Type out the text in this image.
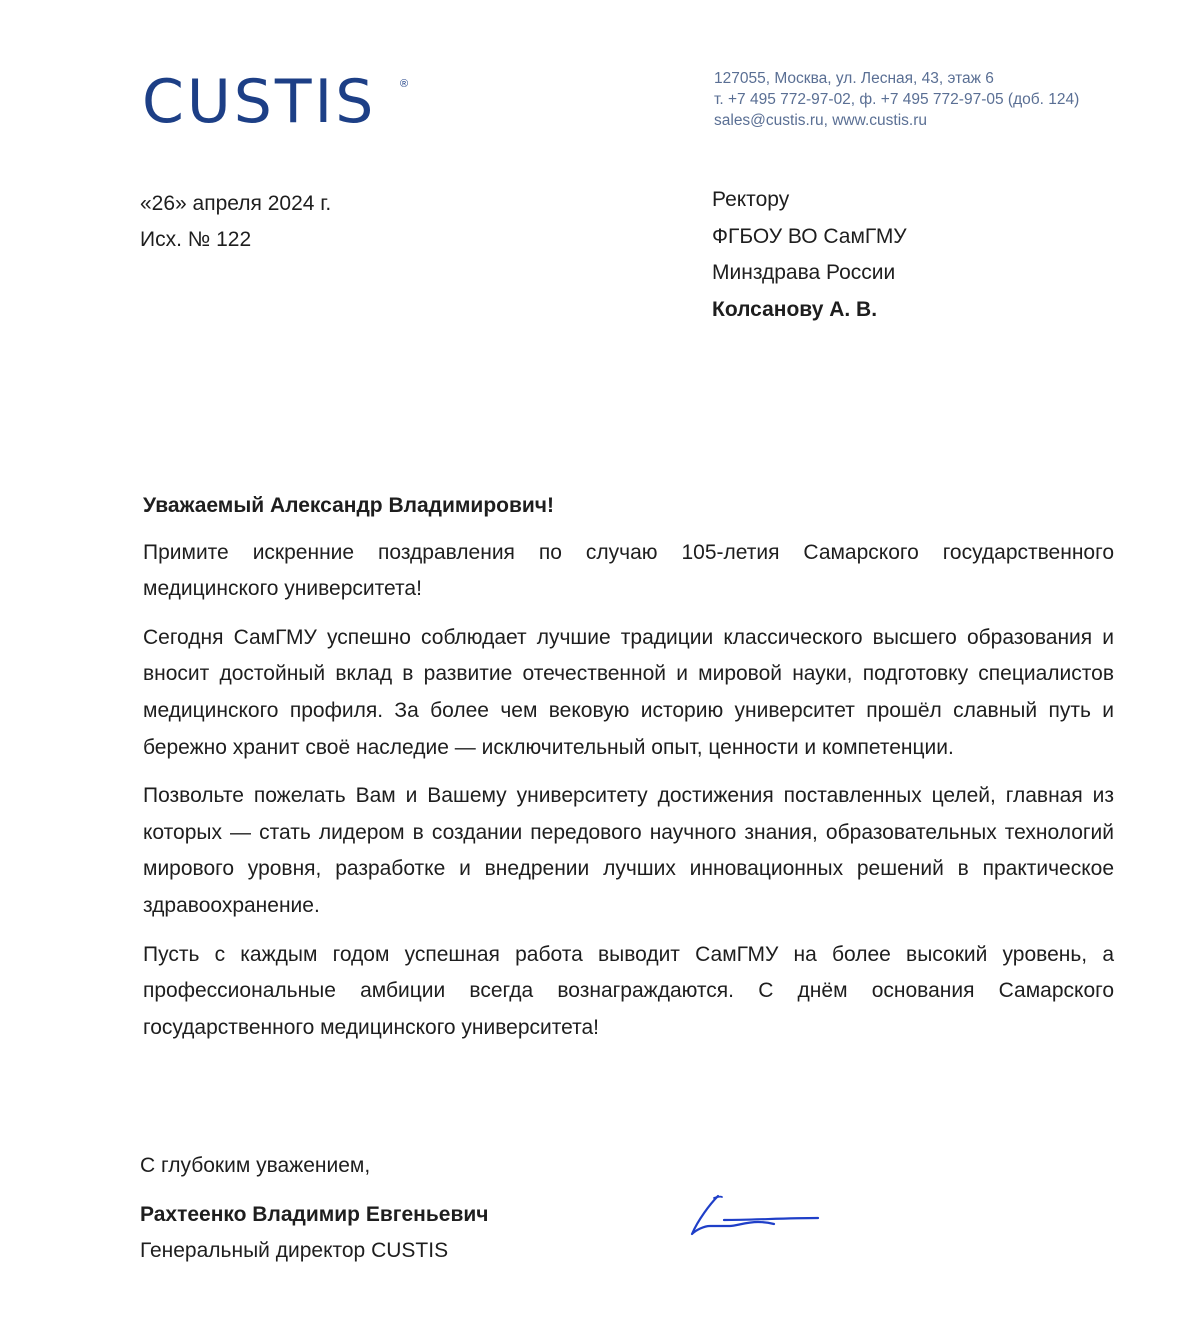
CUSTIS	®	127055, Москва, ул. Лесная, 43, этаж 6
т. +7 495 772-97-02, ф. +7 495 772-97-05 (доб. 124)
sales@custis.ru, www.custis.ru
«26» апреля 2024 г.
Исх. № 122
Ректору
ФГБОУ ВО СамГМУ
Минздрава России
Колсанову А. В.
Уважаемый Александр Владимирович!
Примите искренние поздравления по случаю 105-летия Самарского государственного медицинского университета!
Сегодня СамГМУ успешно соблюдает лучшие традиции классического высшего образования и вносит достойный вклад в развитие отечественной и мировой науки, подготовку специалистов медицинского профиля. За более чем вековую историю университет прошёл славный путь и бережно хранит своё наследие — исключительный опыт, ценности и компетенции.
Позвольте пожелать Вам и Вашему университету достижения поставленных целей, главная из которых — стать лидером в создании передового научного знания, образовательных технологий мирового уровня, разработке и внедрении лучших инновационных решений в практическое здравоохранение.
Пусть с каждым годом успешная работа выводит СамГМУ на более высокий уровень, а профессиональные амбиции всегда вознаграждаются. С днём основания Самарского государственного медицинского университета!
С глубоким уважением,
Рахтеенко Владимир Евгеньевич
Генеральный директор CUSTIS
